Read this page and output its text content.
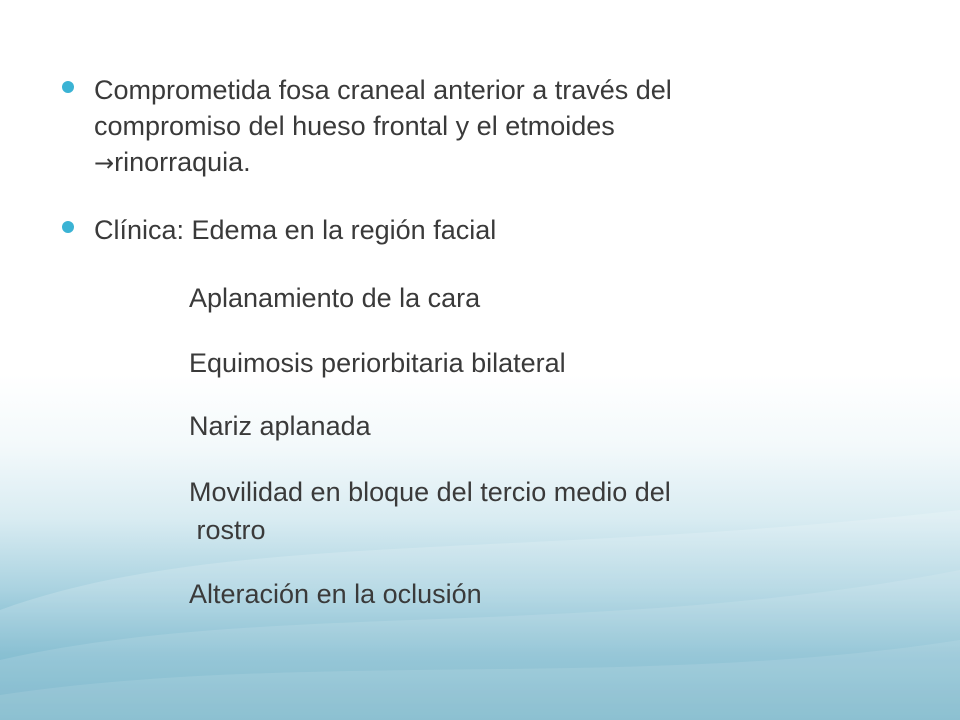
Comprometida fosa craneal anterior a través del
compromiso del hueso frontal y el etmoides
→rinorraquia.
Clínica: Edema en la región facial
Aplanamiento de la cara
Equimosis periorbitaria bilateral
Nariz aplanada
Movilidad en bloque del tercio medio del
rostro
Alteración en la oclusión
